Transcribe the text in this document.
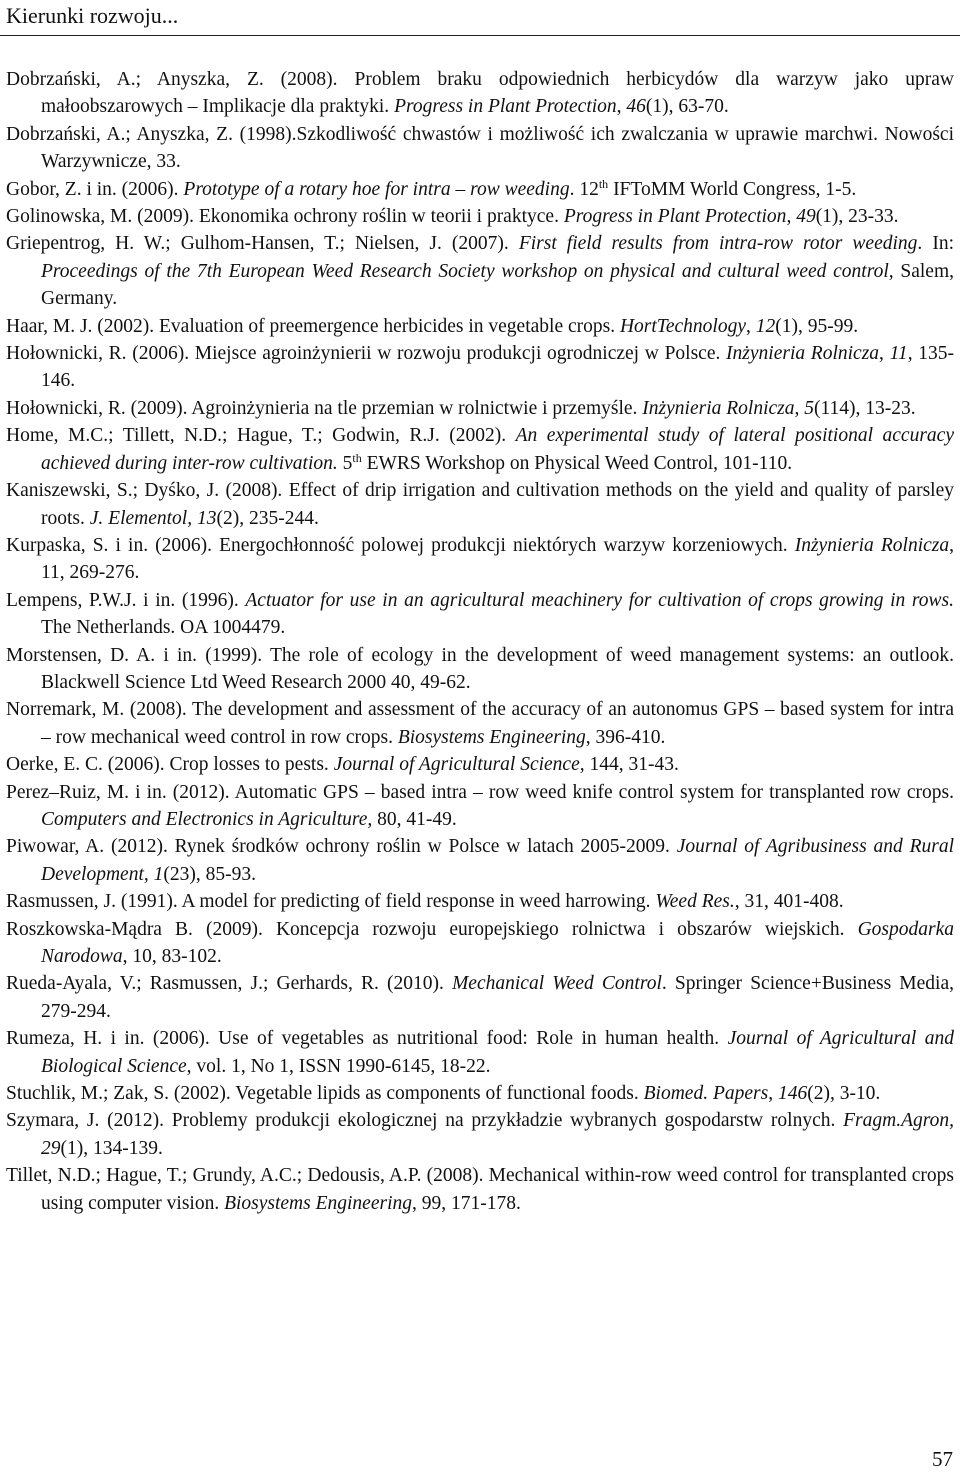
Kierunki rozwoju...
Dobrzański, A.; Anyszka, Z. (2008). Problem braku odpowiednich herbicydów dla warzyw jako upraw małoobszarowych – Implikacje dla praktyki. Progress in Plant Protection, 46(1), 63-70.
Dobrzański, A.; Anyszka, Z. (1998).Szkodliwość chwastów i możliwość ich zwalczania w uprawie marchwi. Nowości Warzywnicze, 33.
Gobor, Z. i in. (2006). Prototype of a rotary hoe for intra – row weeding. 12th IFToMM World Congress, 1-5.
Golinowska, M. (2009). Ekonomika ochrony roślin w teorii i praktyce. Progress in Plant Protection, 49(1), 23-33.
Griepentrog, H. W.; Gulhom-Hansen, T.; Nielsen, J. (2007). First field results from intra-row rotor weeding. In: Proceedings of the 7th European Weed Research Society workshop on physical and cultural weed control, Salem, Germany.
Haar, M. J. (2002). Evaluation of preemergence herbicides in vegetable crops. HortTechnology, 12(1), 95-99.
Hołownicki, R. (2006). Miejsce agroinżynierii w rozwoju produkcji ogrodniczej w Polsce. Inżynieria Rolnicza, 11, 135-146.
Hołownicki, R. (2009). Agroinżynieria na tle przemian w rolnictwie i przemyśle. Inżynieria Rolnicza, 5(114), 13-23.
Home, M.C.; Tillett, N.D.; Hague, T.; Godwin, R.J. (2002). An experimental study of lateral positional accuracy achieved during inter-row cultivation. 5th EWRS Workshop on Physical Weed Control, 101-110.
Kaniszewski, S.; Dyśko, J. (2008). Effect of drip irrigation and cultivation methods on the yield and quality of parsley roots. J. Elementol, 13(2), 235-244.
Kurpaska, S. i in. (2006). Energochłonność polowej produkcji niektórych warzyw korzeniowych. Inżynieria Rolnicza, 11, 269-276.
Lempens, P.W.J. i in. (1996). Actuator for use in an agricultural meachinery for cultivation of crops growing in rows. The Netherlands. OA 1004479.
Morstensen, D. A. i in. (1999). The role of ecology in the development of weed management systems: an outlook. Blackwell Science Ltd Weed Research 2000 40, 49-62.
Norremark, M. (2008). The development and assessment of the accuracy of an autonomus GPS – based system for intra – row mechanical weed control in row crops. Biosystems Engineering, 396-410.
Oerke, E. C. (2006). Crop losses to pests. Journal of Agricultural Science, 144, 31-43.
Perez–Ruiz, M. i in. (2012). Automatic GPS – based intra – row weed knife control system for transplanted row crops. Computers and Electronics in Agriculture, 80, 41-49.
Piwowar, A. (2012). Rynek środków ochrony roślin w Polsce w latach 2005-2009. Journal of Agribusiness and Rural Development, 1(23), 85-93.
Rasmussen, J. (1991). A model for predicting of field response in weed harrowing. Weed Res., 31, 401-408.
Roszkowska-Mądra B. (2009). Koncepcja rozwoju europejskiego rolnictwa i obszarów wiejskich. Gospodarka Narodowa, 10, 83-102.
Rueda-Ayala, V.; Rasmussen, J.; Gerhards, R. (2010). Mechanical Weed Control. Springer Science+Business Media, 279-294.
Rumeza, H. i in. (2006). Use of vegetables as nutritional food: Role in human health. Journal of Agricultural and Biological Science, vol. 1, No 1, ISSN 1990-6145, 18-22.
Stuchlik, M.; Zak, S. (2002). Vegetable lipids as components of functional foods. Biomed. Papers, 146(2), 3-10.
Szymara, J. (2012). Problemy produkcji ekologicznej na przykładzie wybranych gospodarstw rolnych. Fragm.Agron, 29(1), 134-139.
Tillet, N.D.; Hague, T.; Grundy, A.C.; Dedousis, A.P. (2008). Mechanical within-row weed control for transplanted crops using computer vision. Biosystems Engineering, 99, 171-178.
57
